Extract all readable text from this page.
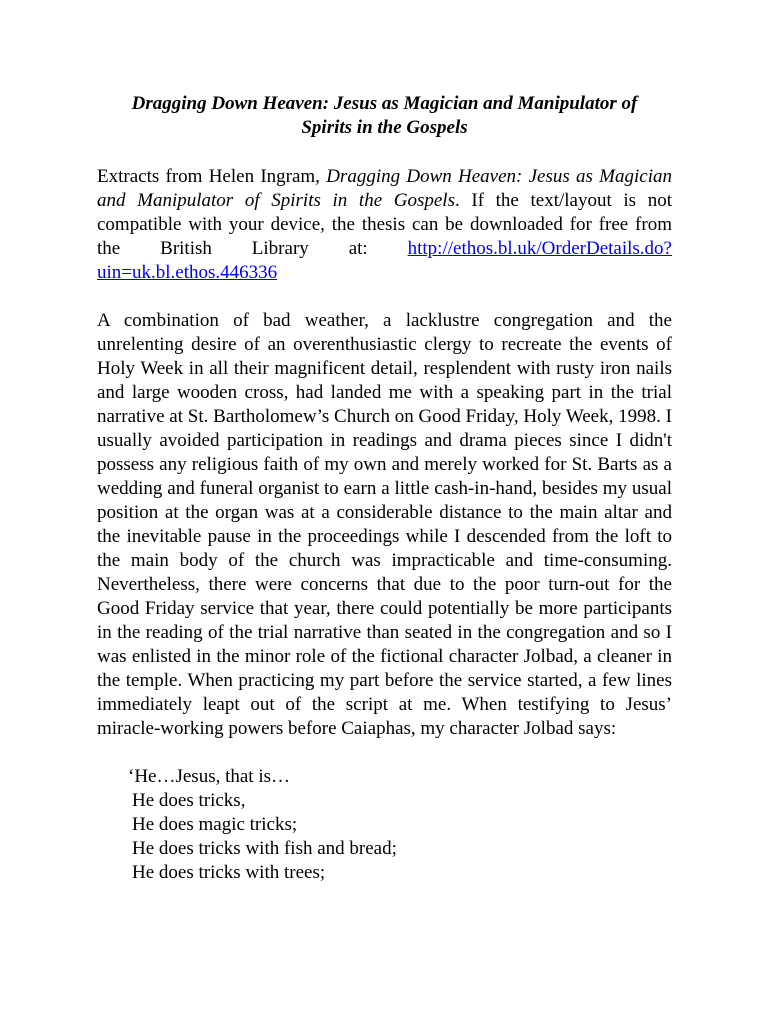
Dragging Down Heaven: Jesus as Magician and Manipulator of
Spirits in the Gospels

Extracts from Helen Ingram, Dragging Down Heaven: Jesus as Magician and Manipulator of Spirits in the Gospels. If the text/layout is not compatible with your device, the thesis can be downloaded for free from the British Library at: http://ethos.bl.uk/OrderDetails.do?uin=uk.bl.ethos.446336

A combination of bad weather, a lacklustre congregation and the unrelenting desire of an overenthusiastic clergy to recreate the events of Holy Week in all their magnificent detail, resplendent with rusty iron nails and large wooden cross, had landed me with a speaking part in the trial narrative at St. Bartholomew’s Church on Good Friday, Holy Week, 1998. I usually avoided participation in readings and drama pieces since I didn't possess any religious faith of my own and merely worked for St. Barts as a wedding and funeral organist to earn a little cash-in-hand, besides my usual position at the organ was at a considerable distance to the main altar and the inevitable pause in the proceedings while I descended from the loft to the main body of the church was impracticable and time-consuming. Nevertheless, there were concerns that due to the poor turn-out for the Good Friday service that year, there could potentially be more participants in the reading of the trial narrative than seated in the congregation and so I was enlisted in the minor role of the fictional character Jolbad, a cleaner in the temple. When practicing my part before the service started, a few lines immediately leapt out of the script at me. When testifying to Jesus’ miracle-working powers before Caiaphas, my character Jolbad says:

‘He…Jesus, that is…
He does tricks,
He does magic tricks;
He does tricks with fish and bread;
He does tricks with trees;
